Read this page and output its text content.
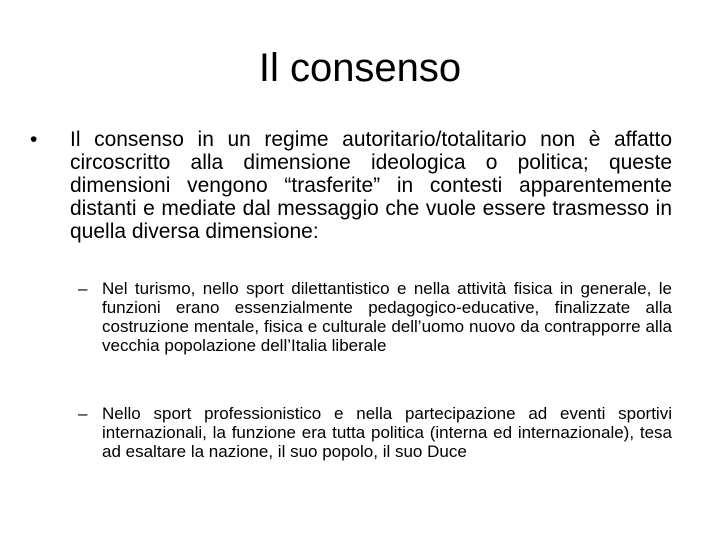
Il consenso
• Il consenso in un regime autoritario/totalitario non è affatto circoscritto alla dimensione ideologica o politica; queste dimensioni vengono “trasferite” in contesti apparentemente distanti e mediate dal messaggio che vuole essere trasmesso in quella diversa dimensione:
– Nel turismo, nello sport dilettantistico e nella attività fisica in generale, le funzioni erano essenzialmente pedagogico-educative, finalizzate alla costruzione mentale, fisica e culturale dell’uomo nuovo da contrapporre alla vecchia popolazione dell’Italia liberale
– Nello sport professionistico e nella partecipazione ad eventi sportivi internazionali, la funzione era tutta politica (interna ed internazionale), tesa ad esaltare la nazione, il suo popolo, il suo Duce
